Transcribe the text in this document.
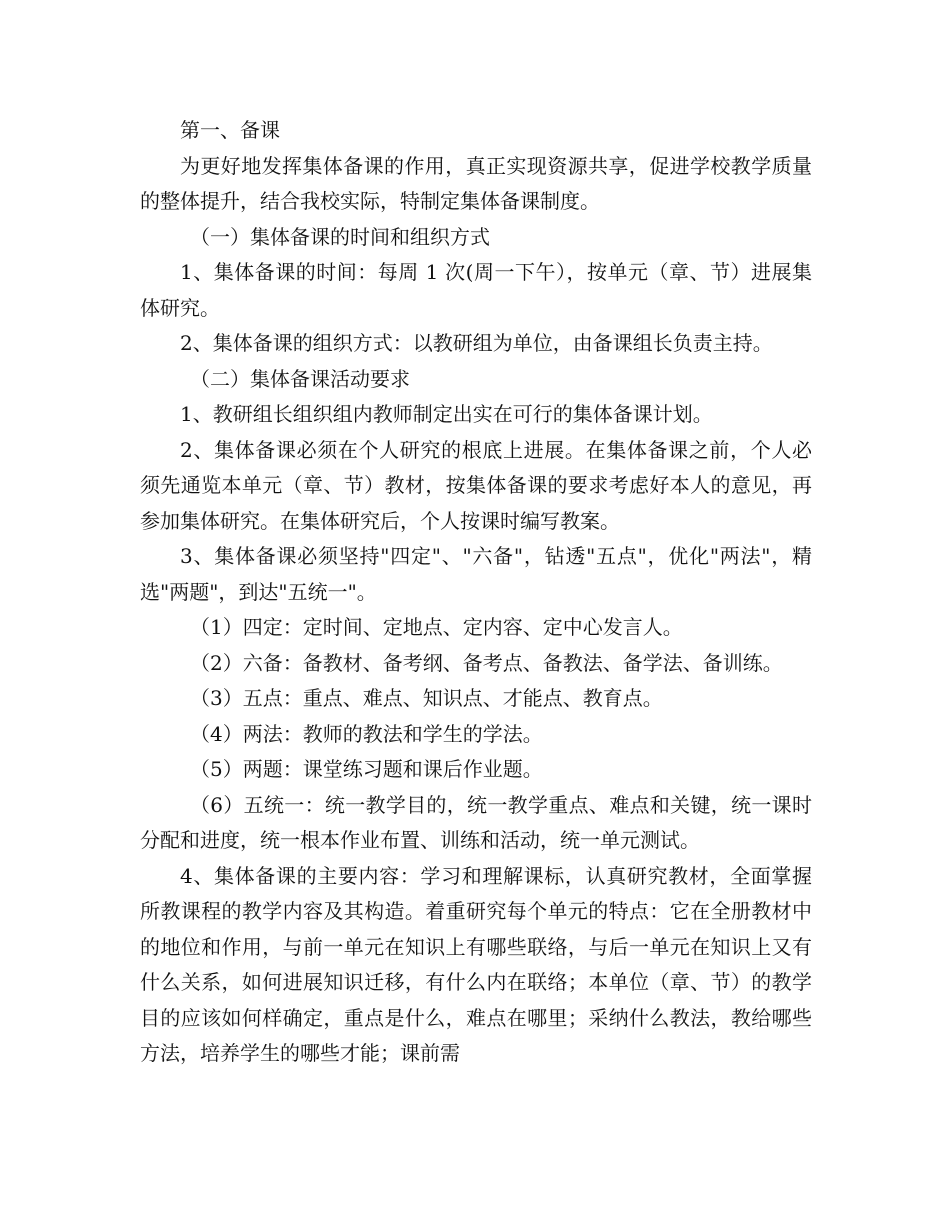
第一、备课

为更好地发挥集体备课的作用，真正实现资源共享，促进学校教学质量的整体提升，结合我校实际，特制定集体备课制度。

（一）集体备课的时间和组织方式

1、集体备课的时间：每周 1 次(周一下午），按单元（章、节）进展集体研究。

2、集体备课的组织方式：以教研组为单位，由备课组长负责主持。

（二）集体备课活动要求

1、教研组长组织组内教师制定出实在可行的集体备课计划。

2、集体备课必须在个人研究的根底上进展。在集体备课之前，个人必须先通览本单元（章、节）教材，按集体备课的要求考虑好本人的意见，再参加集体研究。在集体研究后，个人按课时编写教案。

3、集体备课必须坚持"四定"、"六备"，钻透"五点"，优化"两法"，精选"两题"，到达"五统一"。

（1）四定：定时间、定地点、定内容、定中心发言人。

（2）六备：备教材、备考纲、备考点、备教法、备学法、备训练。

（3）五点：重点、难点、知识点、才能点、教育点。

（4）两法：教师的教法和学生的学法。

（5）两题：课堂练习题和课后作业题。

（6）五统一：统一教学目的，统一教学重点、难点和关键，统一课时分配和进度，统一根本作业布置、训练和活动，统一单元测试。

4、集体备课的主要内容：学习和理解课标，认真研究教材，全面掌握所教课程的教学内容及其构造。着重研究每个单元的特点：它在全册教材中的地位和作用，与前一单元在知识上有哪些联络，与后一单元在知识上又有什么关系，如何进展知识迁移，有什么内在联络；本单位（章、节）的教学目的应该如何样确定，重点是什么，难点在哪里；采纳什么教法，教给哪些方法，培养学生的哪些才能；课前需
